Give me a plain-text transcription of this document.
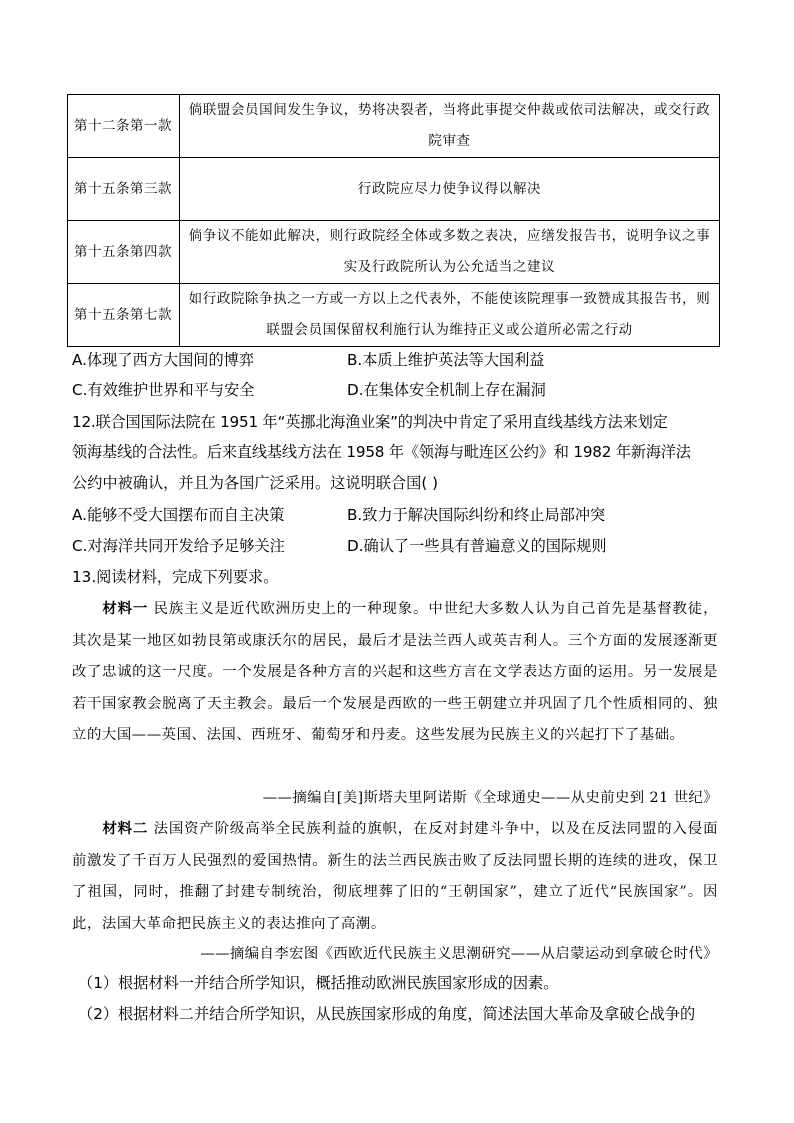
第十二条第一款	倘联盟会员国间发生争议，势将决裂者，当将此事提交仲裁或依司法解决，或交行政院审查
第十五条第三款	行政院应尽力使争议得以解决
第十五条第四款	倘争议不能如此解决，则行政院经全体或多数之表决，应缮发报告书，说明争议之事实及行政院所认为公允适当之建议
第十五条第七款	如行政院除争执之一方或一方以上之代表外，不能使该院理事一致赞成其报告书，则联盟会员国保留权利施行认为维持正义或公道所必需之行动
A.体现了西方大国间的博弈	B.本质上维护英法等大国利益
C.有效维护世界和平与安全	D.在集体安全机制上存在漏洞
12.联合国国际法院在 1951 年“英挪北海渔业案”的判决中肯定了采用直线基线方法来划定
领海基线的合法性。后来直线基线方法在 1958 年《领海与毗连区公约》和 1982 年新海洋法
公约中被确认，并且为各国广泛采用。这说明联合国( )
A.能够不受大国摆布而自主决策	B.致力于解决国际纠纷和终止局部冲突
C.对海洋共同开发给予足够关注	D.确认了一些具有普遍意义的国际规则
13.阅读材料，完成下列要求。
材料一 民族主义是近代欧洲历史上的一种现象。中世纪大多数人认为自己首先是基督教徒，其次是某一地区如勃艮第或康沃尔的居民，最后才是法兰西人或英吉利人。三个方面的发展逐渐更改了忠诚的这一尺度。一个发展是各种方言的兴起和这些方言在文学表达方面的运用。另一发展是若干国家教会脱离了天主教会。最后一个发展是西欧的一些王朝建立并巩固了几个性质相同的、独立的大国——英国、法国、西班牙、葡萄牙和丹麦。这些发展为民族主义的兴起打下了基础。
——摘编自[美]斯塔夫里阿诺斯《全球通史——从史前史到 21 世纪》
材料二 法国资产阶级高举全民族利益的旗帜，在反对封建斗争中，以及在反法同盟的入侵面前激发了千百万人民强烈的爱国热情。新生的法兰西民族击败了反法同盟长期的连续的进攻，保卫了祖国，同时，推翻了封建专制统治，彻底埋葬了旧的“王朝国家”，建立了近代“民族国家”。因此，法国大革命把民族主义的表达推向了高潮。
——摘编自李宏图《西欧近代民族主义思潮研究——从启蒙运动到拿破仑时代》
（1）根据材料一并结合所学知识，概括推动欧洲民族国家形成的因素。
（2）根据材料二并结合所学知识，从民族国家形成的角度，简述法国大革命及拿破仑战争的
